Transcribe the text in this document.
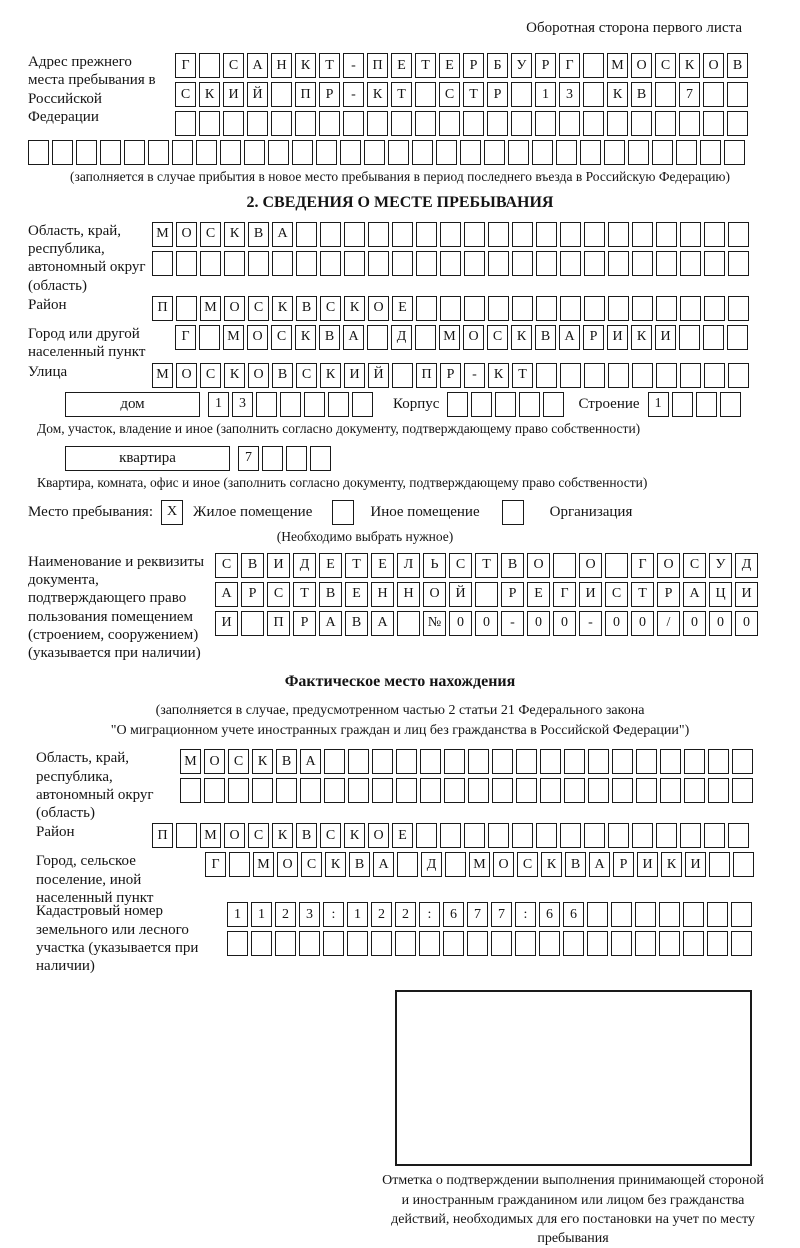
Оборотная сторона первого листа
Адрес прежнего места пребывания в Российской Федерации
Г	С	А Н	К	Т	-	П	Е	Т	Е	Р	Б	У	Р	Г	М О	С	К	О	В
С	К	И Й	П	Р	-	К	Т	С	Т	Р	1	3	К	В	7
(заполняется в случае прибытия в новое место пребывания в период последнего въезда в Российскую Федерацию)
2. СВЕДЕНИЯ О МЕСТЕ ПРЕБЫВАНИЯ
Область, край, республика, автономный округ (область)
М О	С	К	В	А
Район	П	М О	С	К	В	С	К	О	Е
Город или другой населенный пункт
Г	М О	С	К	В	А	Д	М О	С	К	В	А	Р	И	К	И
Улица	М О	С	К	О	В	С	К	И Й	П	Р	-	К	Т
дом	1	3	Корпус	Строение	1
Дом, участок, владение и иное (заполнить согласно документу, подтверждающему право собственности)
квартира	7
Квартира, комната, офис и иное (заполнить согласно документу, подтверждающему право собственности)
Место пребывания: X	Жилое помещение	Иное помещение	Организация
(Необходимо выбрать нужное)
Наименование и реквизиты документа, подтверждающего право пользования помещением (строением, сооружением) (указывается при наличии)
С	В	И	Д	Е	Т	Е	Л	Ь	С	Т	В	О	О	Г	О	С	У	Д
А	Р	С	Т	В	Е	Н	Н	О	Й	Р	Е	Г	И	С	Т	Р	А	Ц	И
И	П	Р	А	В	А	№	0	0	-	0	0	-	0	0	/	0	0	0
Фактическое место нахождения
(заполняется в случае, предусмотренном частью 2 статьи 21 Федерального закона
"О миграционном учете иностранных граждан и лиц без гражданства в Российской Федерации")
Область, край, республика, автономный округ (область)
М О	С	К	В	А
Район	П	М О	С	К	В	С	К	О	Е
Город, сельское поселение, иной населенный пункт
Г	М О	С	К	В	А	Д	М О	С	К	В	А	Р	И	К	И
Кадастровый номер земельного или лесного участка (указывается при наличии)
1	1	2	3	:	1	2	2	:	6	7	7	:	6	6
Отметка о подтверждении выполнения принимающей стороной и иностранным гражданином или лицом без гражданства действий, необходимых для его постановки на учет по месту пребывания
